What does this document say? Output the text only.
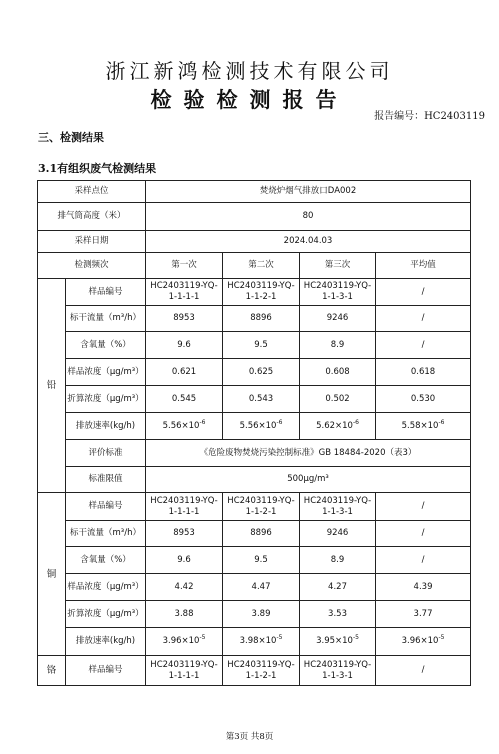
浙江新鸿检测技术有限公司
检验检测报告
报告编号：HC2403119
三、检测结果
3.1有组织废气检测结果
采样点位		焚烧炉烟气排放口DA002			
排气筒高度（米）		80			
采样日期		2024.04.03			
检测频次		第一次	第二次	第三次	平均值
铅	样品编号	HC2403119-YQ-1-1-1-1	HC2403119-YQ-1-1-2-1	HC2403119-YQ-1-1-3-1	/
	标干流量（m³/h）	8953	8896	9246	/
	含氧量（%）	9.6	9.5	8.9	/
	样品浓度（μg/m³）	0.621	0.625	0.608	0.618
	折算浓度（μg/m³）	0.545	0.543	0.502	0.530
	排放速率(kg/h)	$5.56\times 10^{-6}$	$5.56\times 10^{-6}$	$5.62\times 10^{-6}$	$5.58\times 10^{-6}$
	评价标准	《危险废物焚烧污染控制标准》GB 18484-2020（表3）			
	标准限值	500μg/m³			
铜	样品编号	HC2403119-YQ-1-1-1-1	HC2403119-YQ-1-1-2-1	HC2403119-YQ-1-1-3-1	/
	标干流量（m³/h）	8953	8896	9246	/
	含氧量（%）	9.6	9.5	8.9	/
	样品浓度（μg/m³）	4.42	4.47	4.27	4.39
	折算浓度（μg/m³）	3.88	3.89	3.53	3.77
	排放速率(kg/h)	$3.96\times 10^{-5}$	$3.98\times 10^{-5}$	$3.95\times 10^{-5}$	$3.96\times 10^{-5}$
铬	样品编号	HC2403119-YQ-1-1-1-1	HC2403119-YQ-1-1-2-1	HC2403119-YQ-1-1-3-1	/
第3页 共8页
